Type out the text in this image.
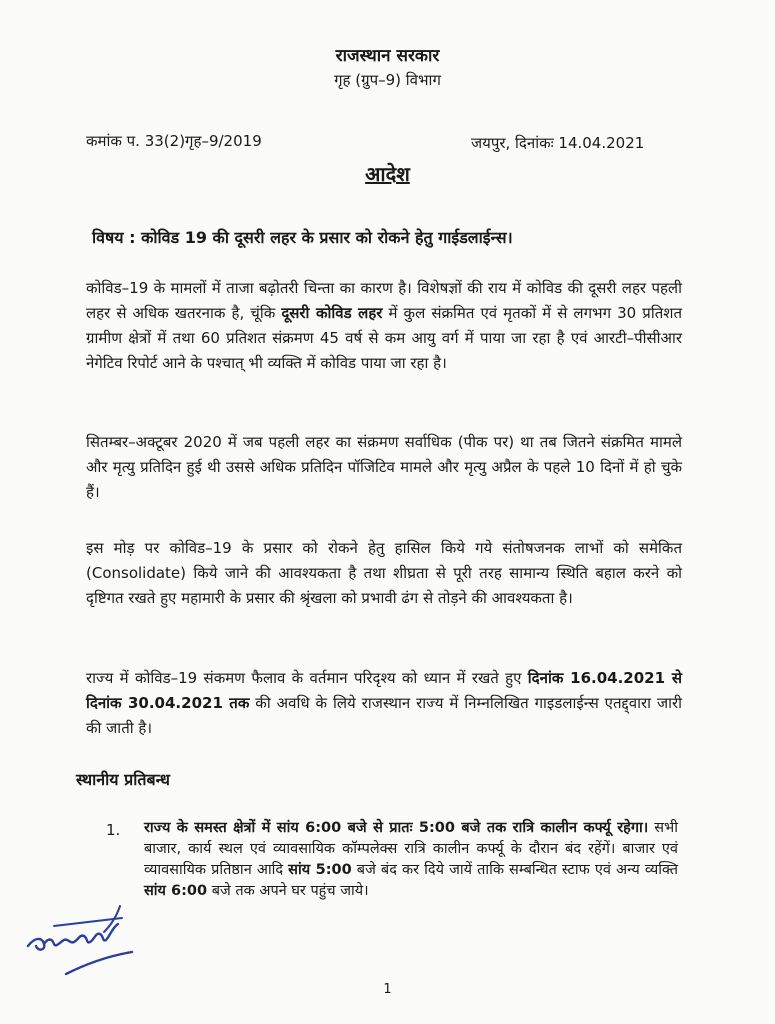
राजस्थान सरकार
गृह (ग्रुप–9) विभाग
कमांक प. 33(2)गृह–9/2019	जयपुर, दिनांकः 14.04.2021
आदेश
विषय : कोविड 19 की दूसरी लहर के प्रसार को रोकने हेतु गाईडलाईन्स।
कोविड–19 के मामलों में ताजा बढ़ोतरी चिन्ता का कारण है। विशेषज्ञों की राय में कोविड की दूसरी लहर पहली लहर से अधिक खतरनाक है, चूंकि दूसरी कोविड लहर में कुल संक्रमित एवं मृतकों में से लगभग 30 प्रतिशत ग्रामीण क्षेत्रों में तथा 60 प्रतिशत संक्रमण 45 वर्ष से कम आयु वर्ग में पाया जा रहा है एवं आरटी–पीसीआर नेगेटिव रिपोर्ट आने के पश्चात् भी व्यक्ति में कोविड पाया जा रहा है।
सितम्बर–अक्टूबर 2020 में जब पहली लहर का संक्रमण सर्वाधिक (पीक पर) था तब जितने संक्रमित मामले और मृत्यु प्रतिदिन हुई थी उससे अधिक प्रतिदिन पॉजिटिव मामले और मृत्यु अप्रैल के पहले 10 दिनों में हो चुके हैं।
इस मोड़ पर कोविड–19 के प्रसार को रोकने हेतु हासिल किये गये संतोषजनक लाभों को समेकित (Consolidate) किये जाने की आवश्यकता है तथा शीघ्रता से पूरी तरह सामान्य स्थिति बहाल करने को दृष्टिगत रखते हुए महामारी के प्रसार की श्रृंखला को प्रभावी ढंग से तोड़ने की आवश्यकता है।
राज्य में कोविड–19 संकमण फैलाव के वर्तमान परिदृश्य को ध्यान में रखते हुए दिनांक 16.04.2021 से दिनांक 30.04.2021 तक की अवधि के लिये राजस्थान राज्य में निम्नलिखित गाइडलाईन्स एतद्द्वारा जारी की जाती है।
स्थानीय प्रतिबन्ध
1. राज्य के समस्त क्षेत्रों में सांय 6:00 बजे से प्रातः 5:00 बजे तक रात्रि कालीन कर्फ्यू रहेगा। सभी बाजार, कार्य स्थल एवं व्यावसायिक कॉम्पलेक्स रात्रि कालीन कर्फ्यू के दौरान बंद रहेंगें। बाजार एवं व्यावसायिक प्रतिष्ठान आदि सांय 5:00 बजे बंद कर दिये जायें ताकि सम्बन्धित स्टाफ एवं अन्य व्यक्ति सांय 6:00 बजे तक अपने घर पहुंच जाये।
1
